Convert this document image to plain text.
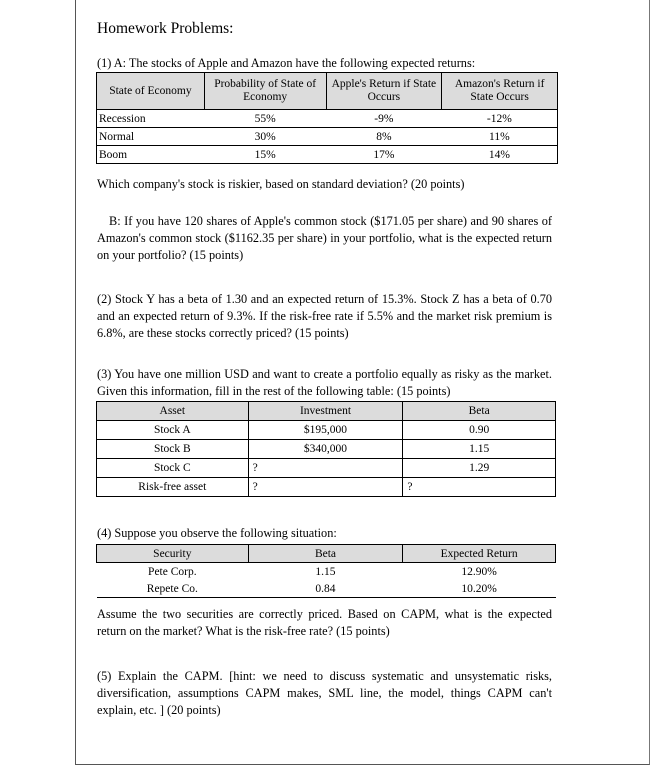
Homework Problems:
(1) A: The stocks of Apple and Amazon have the following expected returns:
State of Economy	Probability of State of Economy	Apple's Return if State Occurs	Amazon's Return if State Occurs
Recession	55%	-9%	-12%
Normal	30%	8%	11%
Boom	15%	17%	14%
Which company's stock is riskier, based on standard deviation? (20 points)
B: If you have 120 shares of Apple's common stock ($171.05 per share) and 90 shares of Amazon's common stock ($1162.35 per share) in your portfolio, what is the expected return on your portfolio? (15 points)
(2) Stock Y has a beta of 1.30 and an expected return of 15.3%. Stock Z has a beta of 0.70 and an expected return of 9.3%. If the risk-free rate if 5.5% and the market risk premium is 6.8%, are these stocks correctly priced? (15 points)
(3) You have one million USD and want to create a portfolio equally as risky as the market. Given this information, fill in the rest of the following table: (15 points)
Asset	Investment	Beta
Stock A	$195,000	0.90
Stock B	$340,000	1.15
Stock C	?	1.29
Risk-free asset	?	?
(4) Suppose you observe the following situation:
Security	Beta	Expected Return
Pete Corp.	1.15	12.90%
Repete Co.	0.84	10.20%
Assume the two securities are correctly priced. Based on CAPM, what is the expected return on the market? What is the risk-free rate? (15 points)
(5) Explain the CAPM. [hint: we need to discuss systematic and unsystematic risks, diversification, assumptions CAPM makes, SML line, the model, things CAPM can't explain, etc. ] (20 points)
